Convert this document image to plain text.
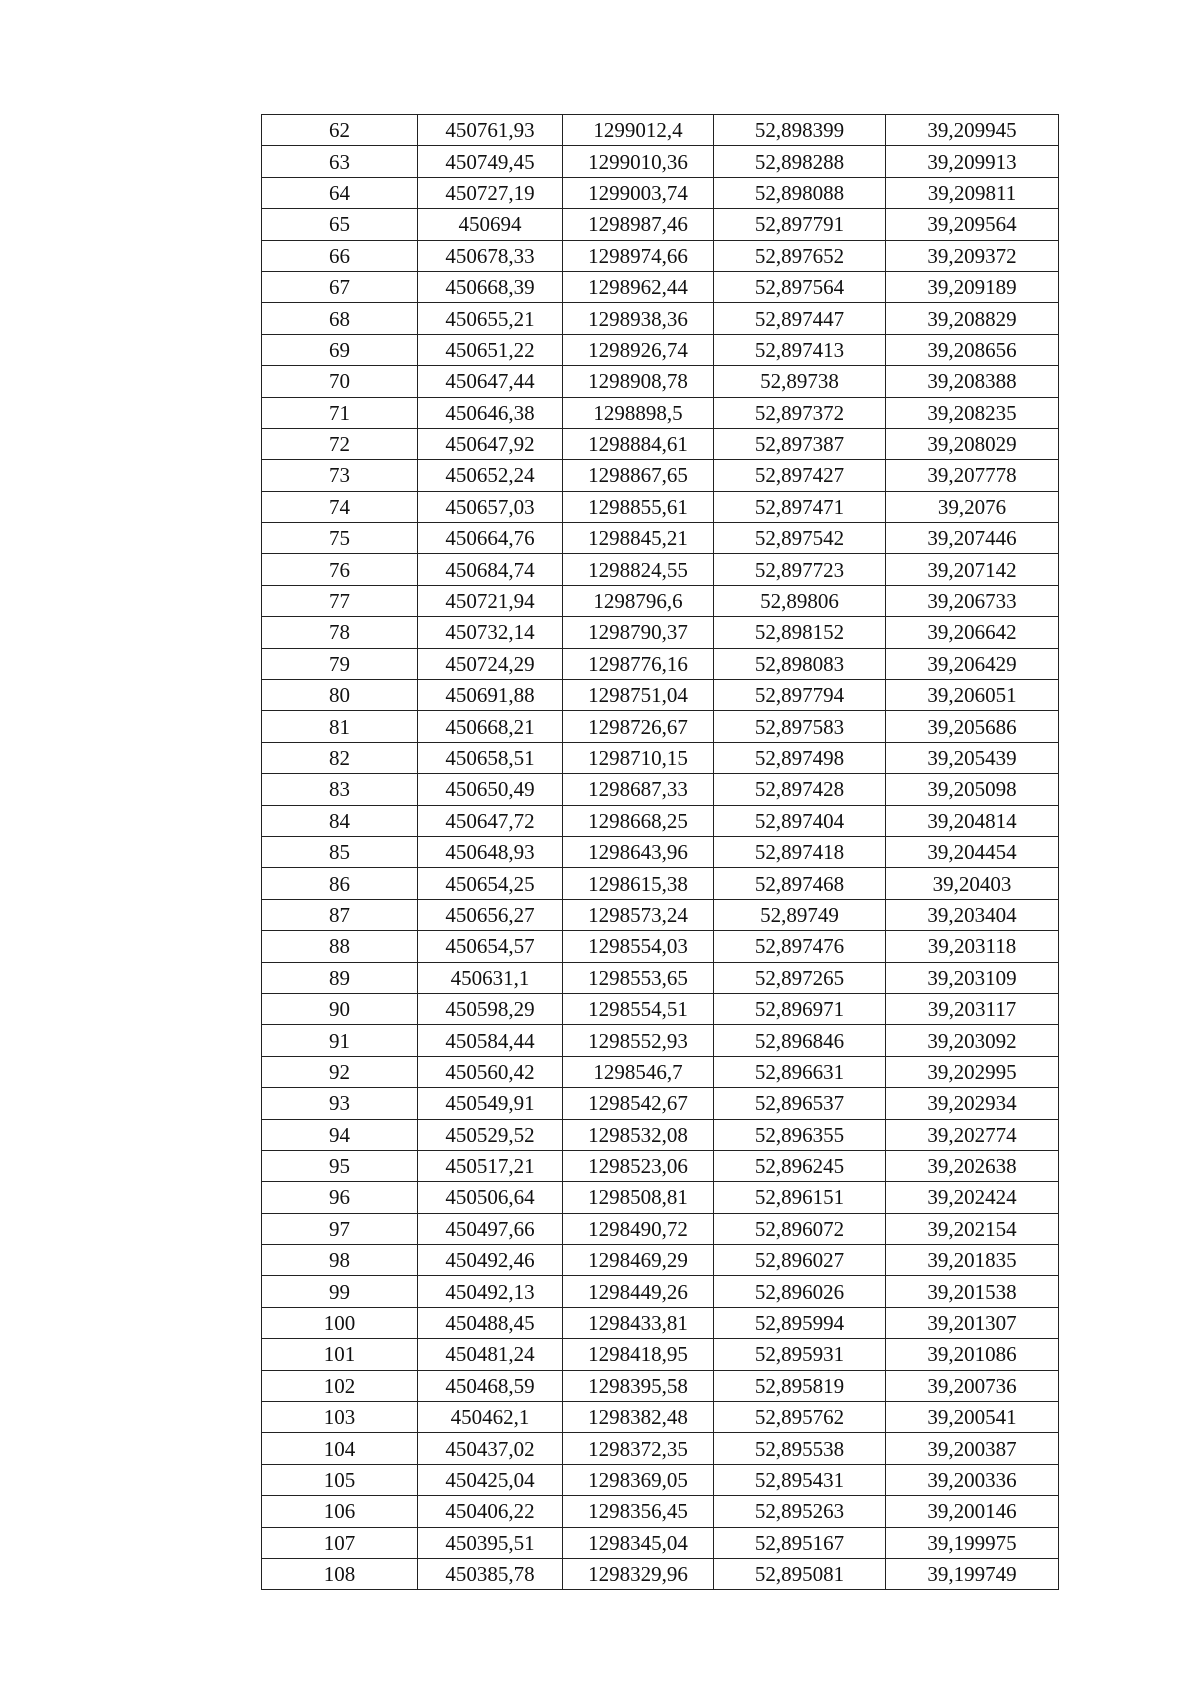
62	450761,93	1299012,4	52,898399	39,209945
63	450749,45	1299010,36	52,898288	39,209913
64	450727,19	1299003,74	52,898088	39,209811
65	450694	1298987,46	52,897791	39,209564
66	450678,33	1298974,66	52,897652	39,209372
67	450668,39	1298962,44	52,897564	39,209189
68	450655,21	1298938,36	52,897447	39,208829
69	450651,22	1298926,74	52,897413	39,208656
70	450647,44	1298908,78	52,89738	39,208388
71	450646,38	1298898,5	52,897372	39,208235
72	450647,92	1298884,61	52,897387	39,208029
73	450652,24	1298867,65	52,897427	39,207778
74	450657,03	1298855,61	52,897471	39,2076
75	450664,76	1298845,21	52,897542	39,207446
76	450684,74	1298824,55	52,897723	39,207142
77	450721,94	1298796,6	52,89806	39,206733
78	450732,14	1298790,37	52,898152	39,206642
79	450724,29	1298776,16	52,898083	39,206429
80	450691,88	1298751,04	52,897794	39,206051
81	450668,21	1298726,67	52,897583	39,205686
82	450658,51	1298710,15	52,897498	39,205439
83	450650,49	1298687,33	52,897428	39,205098
84	450647,72	1298668,25	52,897404	39,204814
85	450648,93	1298643,96	52,897418	39,204454
86	450654,25	1298615,38	52,897468	39,20403
87	450656,27	1298573,24	52,89749	39,203404
88	450654,57	1298554,03	52,897476	39,203118
89	450631,1	1298553,65	52,897265	39,203109
90	450598,29	1298554,51	52,896971	39,203117
91	450584,44	1298552,93	52,896846	39,203092
92	450560,42	1298546,7	52,896631	39,202995
93	450549,91	1298542,67	52,896537	39,202934
94	450529,52	1298532,08	52,896355	39,202774
95	450517,21	1298523,06	52,896245	39,202638
96	450506,64	1298508,81	52,896151	39,202424
97	450497,66	1298490,72	52,896072	39,202154
98	450492,46	1298469,29	52,896027	39,201835
99	450492,13	1298449,26	52,896026	39,201538
100	450488,45	1298433,81	52,895994	39,201307
101	450481,24	1298418,95	52,895931	39,201086
102	450468,59	1298395,58	52,895819	39,200736
103	450462,1	1298382,48	52,895762	39,200541
104	450437,02	1298372,35	52,895538	39,200387
105	450425,04	1298369,05	52,895431	39,200336
106	450406,22	1298356,45	52,895263	39,200146
107	450395,51	1298345,04	52,895167	39,199975
108	450385,78	1298329,96	52,895081	39,199749
